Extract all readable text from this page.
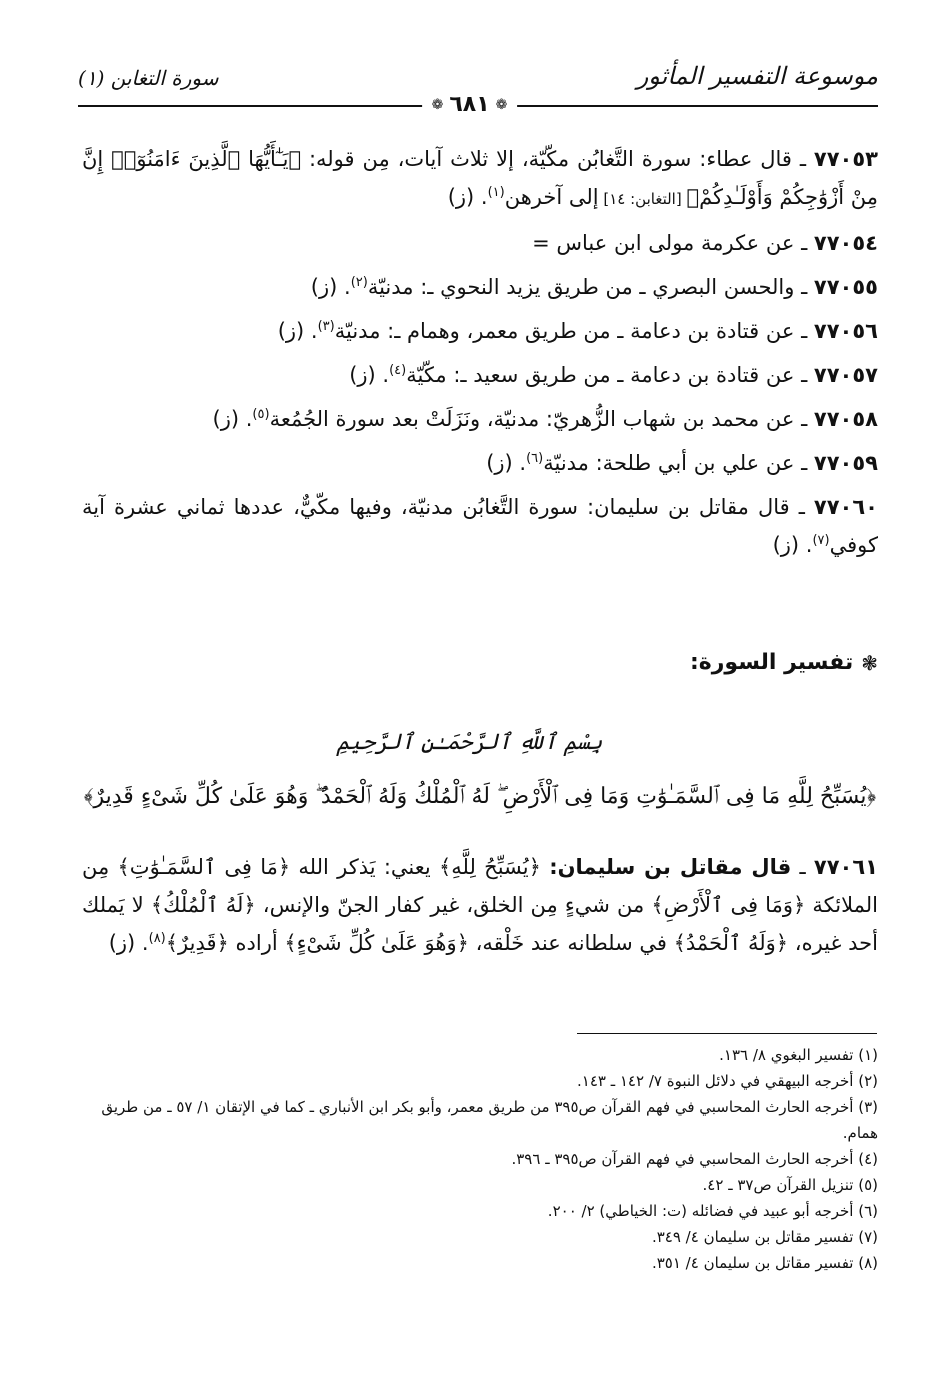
موسوعة التفسير المأثور
سورة التغابن (١)
❁
٦٨١
❁

٧٧٠٥٣ ـ قال عطاء: سورة التَّغابُن مكّيّة، إلا ثلاث آيات، مِن قوله: ﴿يَـٰٓأَيُّهَا ٱلَّذِينَ ءَامَنُوٓا۟ إِنَّ مِنْ أَزْوَٰجِكُمْ وَأَوْلَـٰدِكُمْ﴾ [التغابن: ١٤] إلى آخرهن$^{(١)}$. (ز)

٧٧٠٥٤ ـ عن عكرمة مولى ابن عباس =

٧٧٠٥٥ ـ والحسن البصري ـ من طريق يزيد النحوي ـ: مدنيّة$^{(٢)}$. (ز)

٧٧٠٥٦ ـ عن قتادة بن دعامة ـ من طريق معمر، وهمام ـ: مدنيّة$^{(٣)}$. (ز)

٧٧٠٥٧ ـ عن قتادة بن دعامة ـ من طريق سعيد ـ: مكّيّة$^{(٤)}$. (ز)

٧٧٠٥٨ ـ عن محمد بن شهاب الزُّهريّ: مدنيّة، ونَزَلَتْ بعد سورة الجُمُعة$^{(٥)}$. (ز)

٧٧٠٥٩ ـ عن علي بن أبي طلحة: مدنيّة$^{(٦)}$. (ز)

٧٧٠٦٠ ـ قال مقاتل بن سليمان: سورة التَّغابُن مدنيّة، وفيها مكّيٌّ، عددها ثماني عشرة آية كوفي$^{(٧)}$. (ز)

❃
تفسير السورة:
بِسْمِ ٱللَّهِ ٱلرَّحْمَـٰنِ ٱلرَّحِيمِ
﴿يُسَبِّحُ لِلَّهِ مَا فِى ٱلسَّمَـٰوَٰتِ وَمَا فِى ٱلْأَرْضِ ۖ لَهُ ٱلْمُلْكُ وَلَهُ ٱلْحَمْدُ ۖ وَهُوَ عَلَىٰ كُلِّ شَىْءٍ قَدِيرٌ﴾
٧٧٠٦١ ـ قال مقاتل بن سليمان: ﴿يُسَبِّحُ لِلَّهِ﴾ يعني: يَذكر الله ﴿مَا فِى ٱلسَّمَـٰوَٰتِ﴾ مِن الملائكة ﴿وَمَا فِى ٱلْأَرْضِ﴾ من شيءٍ مِن الخلق، غير كفار الجنّ والإنس، ﴿لَهُ ٱلْمُلْكُ﴾ لا يَملك أحد غيره، ﴿وَلَهُ ٱلْحَمْدُ﴾ في سلطانه عند خَلْقه، ﴿وَهُوَ عَلَىٰ كُلِّ شَىْءٍ﴾ أراده ﴿قَدِيرٌ﴾$^{(٨)}$. (ز)

(١) تفسير البغوي ٨/ ١٣٦.

(٢) أخرجه البيهقي في دلائل النبوة ٧/ ١٤٢ ـ ١٤٣.

(٣) أخرجه الحارث المحاسبي في فهم القرآن ص٣٩٥ من طريق معمر، وأبو بكر ابن الأنباري ـ كما في الإتقان ١/ ٥٧ ـ من طريق همام.

(٤) أخرجه الحارث المحاسبي في فهم القرآن ص٣٩٥ ـ ٣٩٦.

(٥) تنزيل القرآن ص٣٧ ـ ٤٢.

(٦) أخرجه أبو عبيد في فضائله (ت: الخياطي) ٢/ ٢٠٠.

(٧) تفسير مقاتل بن سليمان ٤/ ٣٤٩.

(٨) تفسير مقاتل بن سليمان ٤/ ٣٥١.
